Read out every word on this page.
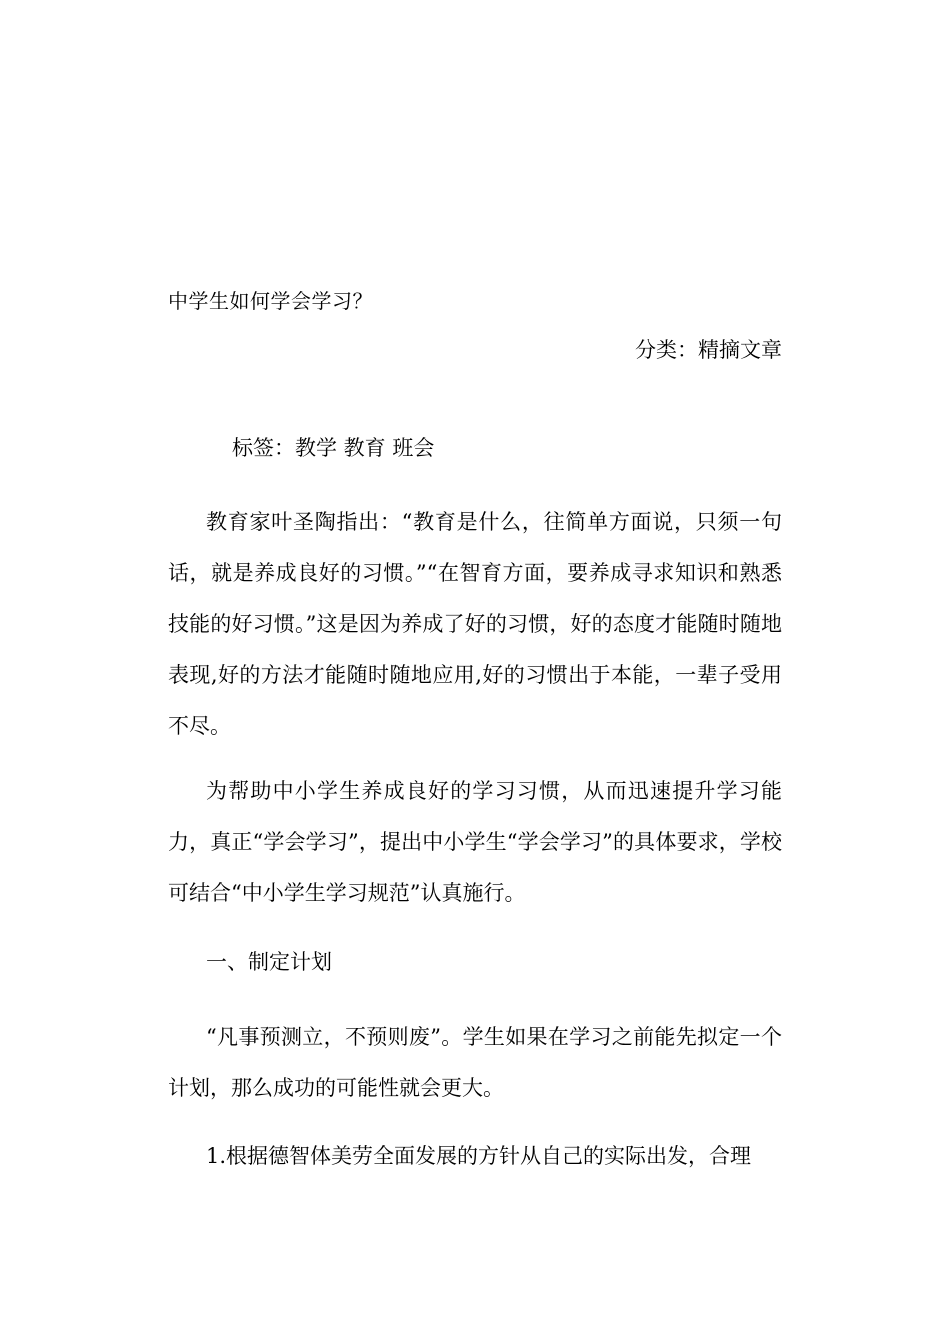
中学生如何学会学习？
分类：精摘文章
标签：教学 教育 班会

教育家叶圣陶指出：“教育是什么，往简单方面说，只须一句话，就是养成良好的习惯。”“在智育方面，要养成寻求知识和熟悉技能的好习惯。”这是因为养成了好的习惯，好的态度才能随时随地表现,好的方法才能随时随地应用,好的习惯出于本能，一辈子受用不尽。

为帮助中小学生养成良好的学习习惯，从而迅速提升学习能力，真正“学会学习”，提出中小学生“学会学习”的具体要求，学校可结合“中小学生学习规范”认真施行。

一、制定计划

“凡事预测立，不预则废”。学生如果在学习之前能先拟定一个计划，那么成功的可能性就会更大。

1.根据德智体美劳全面发展的方针从自己的实际出发，合理
